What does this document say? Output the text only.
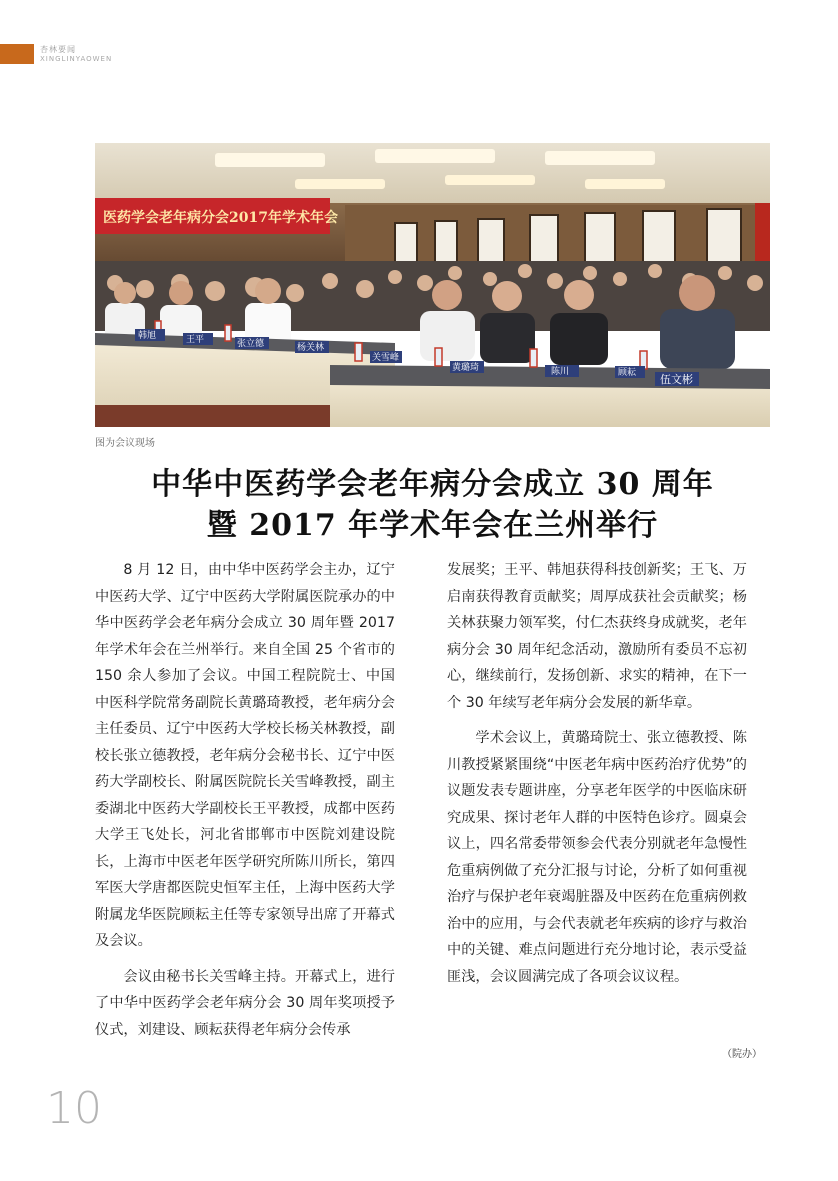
杏林要闻
XINGLINYAOWEN
医药学会老年病分会2017年学术年会
韩旭	王平	张立德	杨关林
关雪峰
黄璐琦	陈川	顾耘 伍文彬
图为会议现场
中华中医药学会老年病分会成立 30 周年
暨 2017 年学术年会在兰州举行

8 月 12 日，由中华中医药学会主办，辽宁中医药大学、辽宁中医药大学附属医院承办的中华中医药学会老年病分会成立 30 周年暨 2017 年学术年会在兰州举行。来自全国 25 个省市的 150 余人参加了会议。中国工程院院士、中国中医科学院常务副院长黄璐琦教授，老年病分会主任委员、辽宁中医药大学校长杨关林教授，副校长张立德教授，老年病分会秘书长、辽宁中医药大学副校长、附属医院院长关雪峰教授，副主委湖北中医药大学副校长王平教授，成都中医药大学王飞处长，河北省邯郸市中医院刘建设院长，上海市中医老年医学研究所陈川所长，第四军医大学唐都医院史恒军主任，上海中医药大学附属龙华医院顾耘主任等专家领导出席了开幕式及会议。

会议由秘书长关雪峰主持。开幕式上，进行了中华中医药学会老年病分会 30 周年奖项授予仪式，刘建设、顾耘获得老年病分会传承

发展奖；王平、韩旭获得科技创新奖；王飞、万启南获得教育贡献奖；周厚成获社会贡献奖；杨关林获聚力领军奖，付仁杰获终身成就奖，老年病分会 30 周年纪念活动，激励所有委员不忘初心，继续前行，发扬创新、求实的精神，在下一个 30 年续写老年病分会发展的新华章。

学术会议上，黄璐琦院士、张立德教授、陈川教授紧紧围绕“中医老年病中医药治疗优势”的议题发表专题讲座，分享老年医学的中医临床研究成果、探讨老年人群的中医特色诊疗。圆桌会议上，四名常委带领参会代表分别就老年急慢性危重病例做了充分汇报与讨论，分析了如何重视治疗与保护老年衰竭脏器及中医药在危重病例救治中的应用，与会代表就老年疾病的诊疗与救治中的关键、难点问题进行充分地讨论，表示受益匪浅，会议圆满完成了各项会议议程。

（院办）
10
